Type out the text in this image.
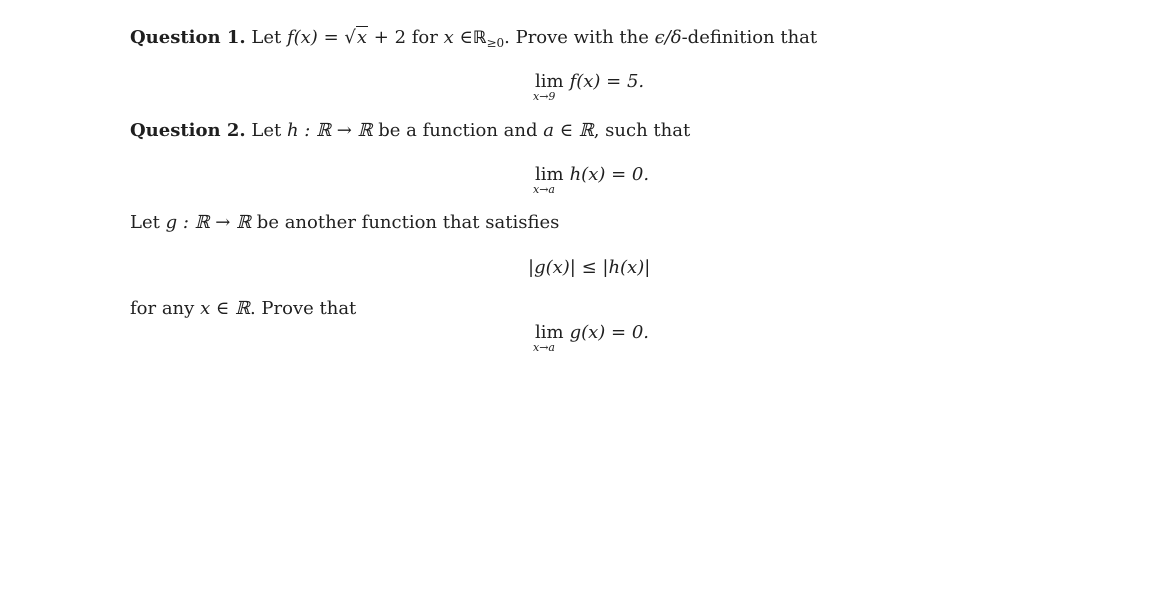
Question 1. Let f(x) = √x + 2 for x ∈ℝ$_{\ge 0}$. Prove with the ϵ/δ-definition that
lim
x→9
f(x) = 5.
Question 2. Let h : ℝ → ℝ be a function and a ∈ ℝ, such that
lim
x→a
h(x) = 0.
Let g : ℝ → ℝ be another function that satisfies
|g(x)| ≤ |h(x)|
for any x ∈ ℝ. Prove that
lim
x→a
g(x) = 0.
